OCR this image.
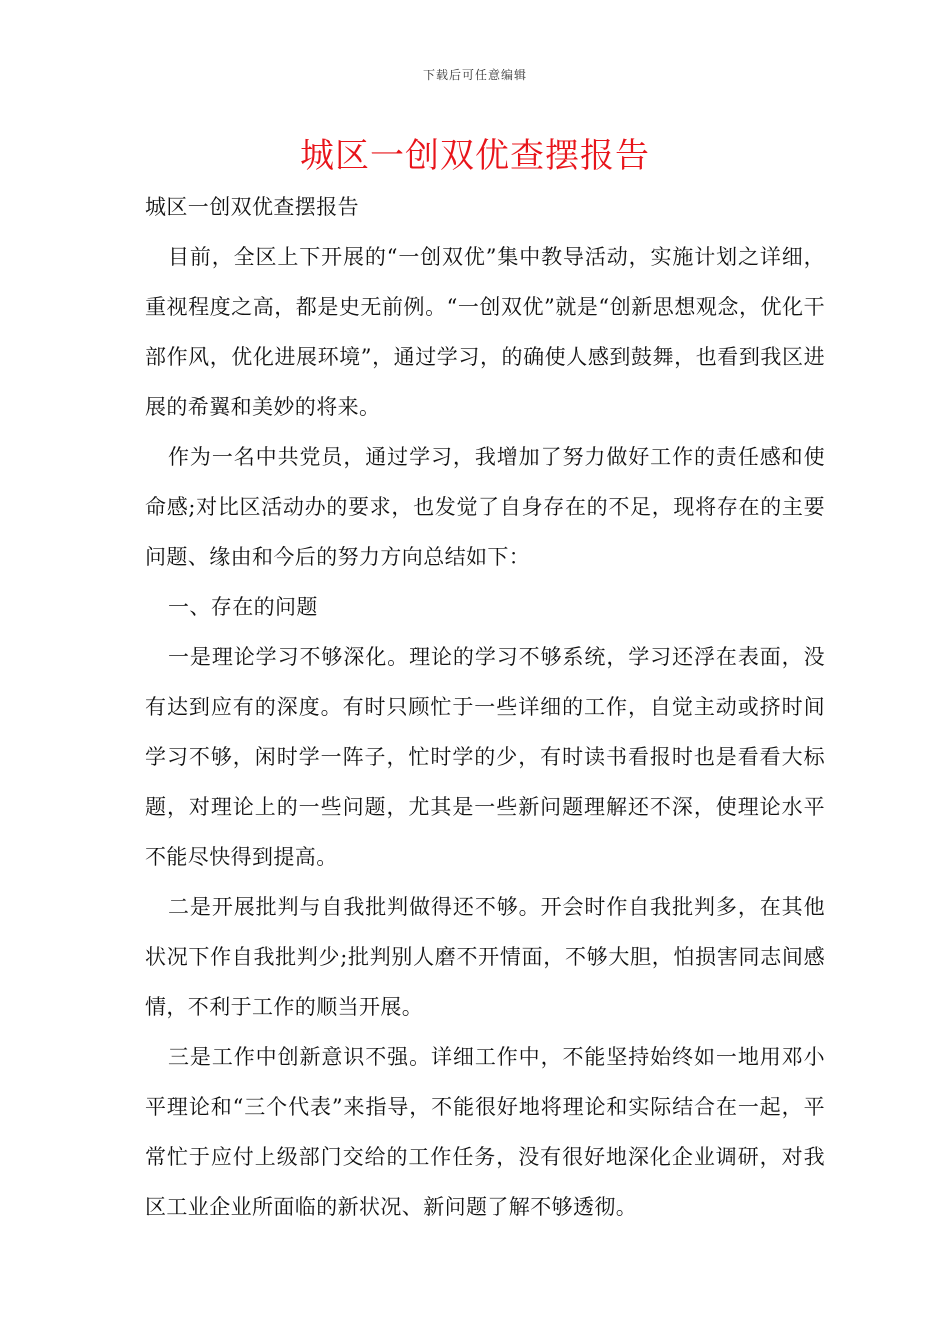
下载后可任意编辑
城区一创双优查摆报告

城区一创双优查摆报告

目前，全区上下开展的“一创双优”集中教导活动，实施计划之详细，重视程度之高，都是史无前例。“一创双优”就是“创新思想观念，优化干部作风，优化进展环境”，通过学习，的确使人感到鼓舞，也看到我区进展的希翼和美妙的将来。

作为一名中共党员，通过学习，我增加了努力做好工作的责任感和使命感;对比区活动办的要求，也发觉了自身存在的不足，现将存在的主要问题、缘由和今后的努力方向总结如下：

一、存在的问题

一是理论学习不够深化。理论的学习不够系统，学习还浮在表面，没有达到应有的深度。有时只顾忙于一些详细的工作，自觉主动或挤时间学习不够，闲时学一阵子，忙时学的少，有时读书看报时也是看看大标题，对理论上的一些问题，尤其是一些新问题理解还不深，使理论水平不能尽快得到提高。

二是开展批判与自我批判做得还不够。开会时作自我批判多，在其他状况下作自我批判少;批判别人磨不开情面，不够大胆，怕损害同志间感情，不利于工作的顺当开展。

三是工作中创新意识不强。详细工作中，不能坚持始终如一地用邓小平理论和“三个代表”来指导，不能很好地将理论和实际结合在一起，平常忙于应付上级部门交给的工作任务，没有很好地深化企业调研，对我区工业企业所面临的新状况、新问题了解不够透彻。
